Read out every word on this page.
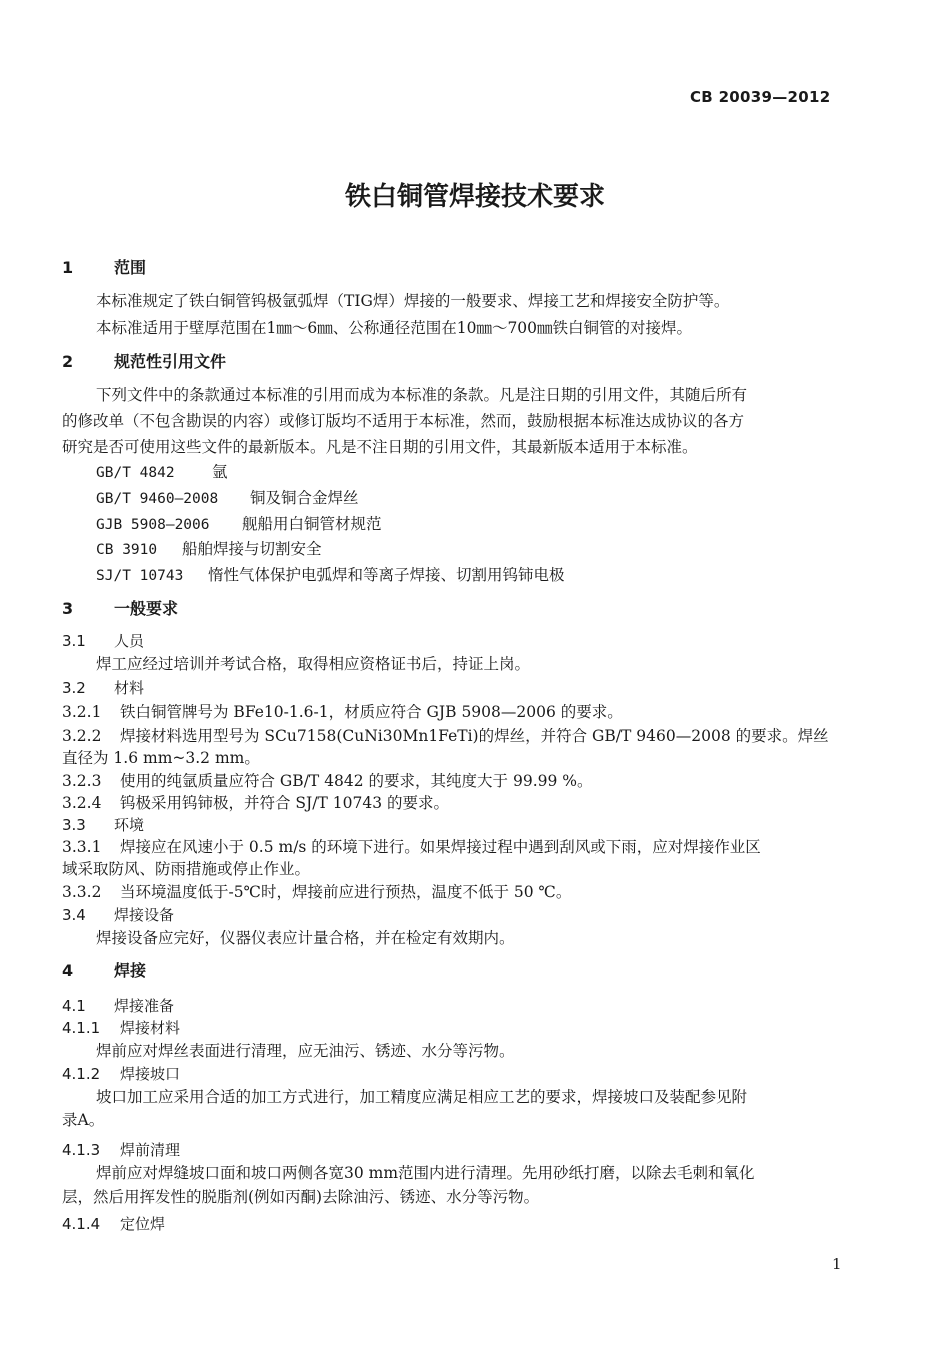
CB 20039—2012
铁白铜管焊接技术要求
1	范围
本标准规定了铁白铜管钨极氩弧焊（TIG焊）焊接的一般要求、焊接工艺和焊接安全防护等。
本标准适用于壁厚范围在1㎜～6㎜、公称通径范围在10㎜～700㎜铁白铜管的对接焊。
2	规范性引用文件
下列文件中的条款通过本标准的引用而成为本标准的条款。凡是注日期的引用文件，其随后所有
的修改单（不包含勘误的内容）或修订版均不适用于本标准，然而，鼓励根据本标准达成协议的各方
研究是否可使用这些文件的最新版本。凡是不注日期的引用文件，其最新版本适用于本标准。
GB/T 4842 氩
GB/T 9460—2008 铜及铜合金焊丝
GJB 5908—2006 舰船用白铜管材规范
CB 3910 船舶焊接与切割安全
SJ/T 10743 惰性气体保护电弧焊和等离子焊接、切割用钨铈电极
3	一般要求
3.1 人员
焊工应经过培训并考试合格，取得相应资格证书后，持证上岗。
3.2 材料
3.2.1 铁白铜管牌号为 BFe10-1.6-1，材质应符合 GJB 5908—2006 的要求。
3.2.2 焊接材料选用型号为 SCu7158(CuNi30Mn1FeTi)的焊丝，并符合 GB/T 9460—2008 的要求。焊丝
直径为 1.6 mm~3.2 mm。
3.2.3 使用的纯氩质量应符合 GB/T 4842 的要求，其纯度大于 99.99 %。
3.2.4 钨极采用钨铈极，并符合 SJ/T 10743 的要求。
3.3 环境
3.3.1 焊接应在风速小于 0.5 m/s 的环境下进行。如果焊接过程中遇到刮风或下雨，应对焊接作业区
域采取防风、防雨措施或停止作业。
3.3.2 当环境温度低于-5℃时，焊接前应进行预热，温度不低于 50 ℃。
3.4 焊接设备
焊接设备应完好，仪器仪表应计量合格，并在检定有效期内。
4	焊接
4.1 焊接准备
4.1.1 焊接材料
焊前应对焊丝表面进行清理，应无油污、锈迹、水分等污物。
4.1.2 焊接坡口
坡口加工应采用合适的加工方式进行，加工精度应满足相应工艺的要求，焊接坡口及装配参见附
录A。
4.1.3 焊前清理
焊前应对焊缝坡口面和坡口两侧各宽30 mm范围内进行清理。先用砂纸打磨，以除去毛刺和氧化
层，然后用挥发性的脱脂剂(例如丙酮)去除油污、锈迹、水分等污物。
4.1.4 定位焊
1
